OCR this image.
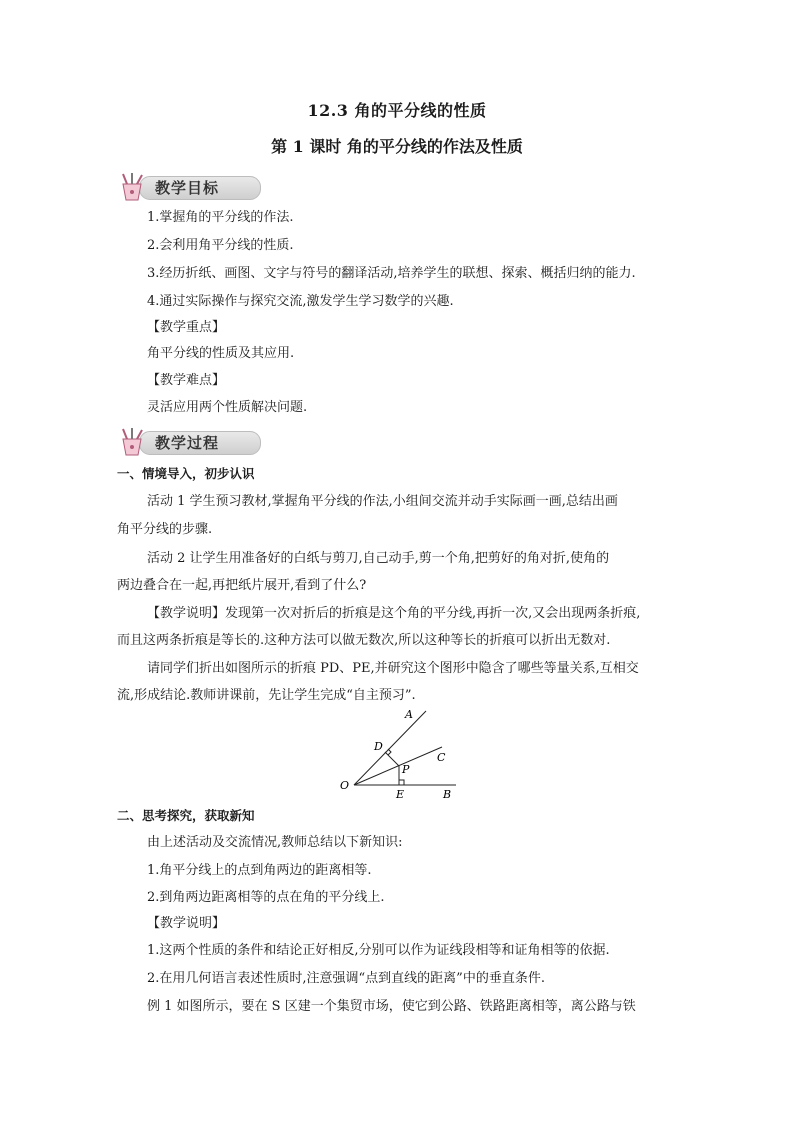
12.3 角的平分线的性质
第 1 课时 角的平分线的作法及性质
教学目标
1.掌握角的平分线的作法.
2.会利用角平分线的性质.
3.经历折纸、画图、文字与符号的翻译活动,培养学生的联想、探索、概括归纳的能力.
4.通过实际操作与探究交流,激发学生学习数学的兴趣.
【教学重点】
角平分线的性质及其应用.
【教学难点】
灵活应用两个性质解决问题.
教学过程
一、情境导入，初步认识
活动 1 学生预习教材,掌握角平分线的作法,小组间交流并动手实际画一画,总结出画
角平分线的步骤.
活动 2 让学生用准备好的白纸与剪刀,自己动手,剪一个角,把剪好的角对折,使角的
两边叠合在一起,再把纸片展开,看到了什么?
【教学说明】发现第一次对折后的折痕是这个角的平分线,再折一次,又会出现两条折痕,
而且这两条折痕是等长的.这种方法可以做无数次,所以这种等长的折痕可以折出无数对.
请同学们折出如图所示的折痕 PD、PE,并研究这个图形中隐含了哪些等量关系,互相交
流,形成结论.教师讲课前，先让学生完成“自主预习”.
A
B
C
D
E
O
P
二、思考探究，获取新知
由上述活动及交流情况,教师总结以下新知识:
1.角平分线上的点到角两边的距离相等.
2.到角两边距离相等的点在角的平分线上.
【教学说明】
1.这两个性质的条件和结论正好相反,分别可以作为证线段相等和证角相等的依据.
2.在用几何语言表述性质时,注意强调“点到直线的距离”中的垂直条件.
例 1 如图所示，要在 S 区建一个集贸市场，使它到公路、铁路距离相等，离公路与铁
